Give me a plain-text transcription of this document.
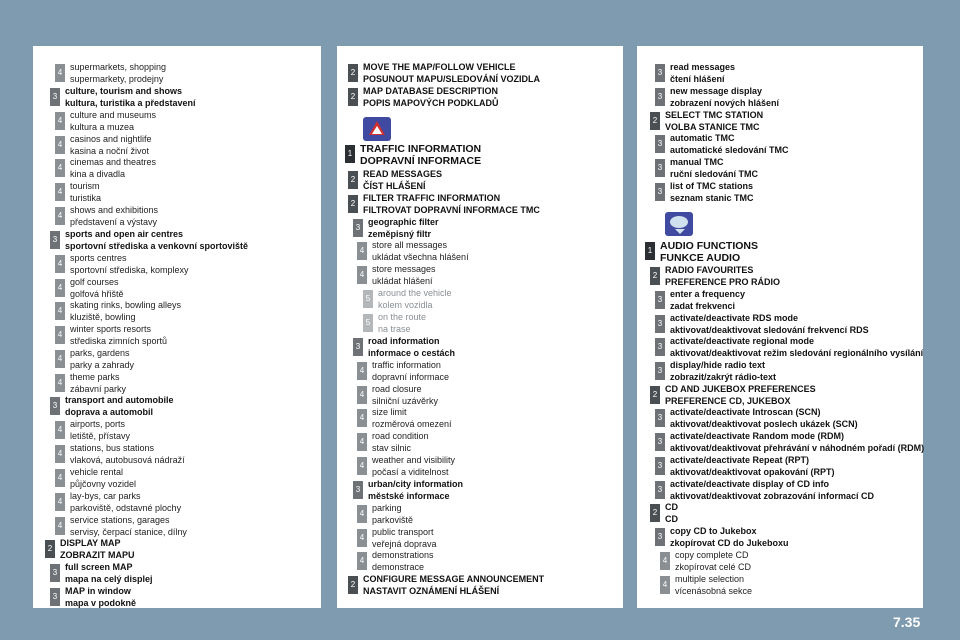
4
supermarkets, shopping
supermarkety, prodejny
3
culture, tourism and shows
kultura, turistika a představení
4
culture and museums
kultura a muzea
4
casinos and nightlife
kasina a noční život
4
cinemas and theatres
kina a divadla
4
tourism
turistika
4
shows and exhibitions
představení a výstavy
3
sports and open air centres
sportovní střediska a venkovní sportoviště
4
sports centres
sportovní střediska, komplexy
4
golf courses
golfová hřiště
4
skating rinks, bowling alleys
kluziště, bowling
4
winter sports resorts
střediska zimních sportů
4
parks, gardens
parky a zahrady
4
theme parks
zábavní parky
3
transport and automobile
doprava a automobil
4
airports, ports
letiště, přístavy
4
stations, bus stations
vlaková, autobusová nádraží
4
vehicle rental
půjčovny vozidel
4
lay-bys, car parks
parkoviště, odstavné plochy
4
service stations, garages
servisy, čerpací stanice, dílny
2
DISPLAY MAP
ZOBRAZIT MAPU
3
full screen MAP
mapa na celý displej
3
MAP in window
mapa v podokně
2
MOVE THE MAP/FOLLOW VEHICLE
POSUNOUT MAPU/SLEDOVÁNÍ VOZIDLA
2
MAP DATABASE DESCRIPTION
POPIS MAPOVÝCH PODKLADŮ
1 TRAFFIC INFORMATION
DOPRAVNÍ INFORMACE
2
READ MESSAGES
ČÍST HLÁŠENÍ
2
FILTER TRAFFIC INFORMATION
FILTROVAT DOPRAVNÍ INFORMACE TMC
3
geographic filter
zeměpisný filtr
4
store all messages
ukládat všechna hlášení
4
store messages
ukládat hlášení
5
around the vehicle
kolem vozidla
5
on the route
na trase
3
road information
informace o cestách
4
traffic information
dopravní informace
4
road closure
silniční uzávěrky
4
size limit
rozměrová omezení
4
road condition
stav silnic
4
weather and visibility
počasí a viditelnost
3
urban/city information
městské informace
4
parking
parkoviště
4
public transport
veřejná doprava
4
demonstrations
demonstrace
2
CONFIGURE MESSAGE ANNOUNCEMENT
NASTAVIT OZNÁMENÍ HLÁŠENÍ
3
read messages
čtení hlášení
3
new message display
zobrazení nových hlášení
2
SELECT TMC STATION
VOLBA STANICE TMC
3
automatic TMC
automatické sledování TMC
3
manual TMC
ruční sledování TMC
3
list of TMC stations
seznam stanic TMC
1 AUDIO FUNCTIONS
FUNKCE AUDIO
2
RADIO FAVOURITES
PREFERENCE PRO RÁDIO
3
enter a frequency
zadat frekvenci
3
activate/deactivate RDS mode
aktivovat/deaktivovat sledování frekvencí RDS
3
activate/deactivate regional mode
aktivovat/deaktivovat režim sledování regionálního vysílání
3
display/hide radio text
zobrazit/zakrýt rádio-text
2
CD AND JUKEBOX PREFERENCES
PREFERENCE CD, JUKEBOX
3
activate/deactivate Introscan (SCN)
aktivovat/deaktivovat poslech ukázek (SCN)
3
activate/deactivate Random mode (RDM)
aktivovat/deaktivovat přehrávání v náhodném pořadí (RDM)
3
activate/deactivate Repeat (RPT)
aktivovat/deaktivovat opakování (RPT)
3
activate/deactivate display of CD info
aktivovat/deaktivovat zobrazování informací CD
2
CD
CD
3
copy CD to Jukebox
zkopírovat CD do Jukeboxu
4
copy complete CD
zkopírovat celé CD
4
multiple selection
vícenásobná sekce
7.35
